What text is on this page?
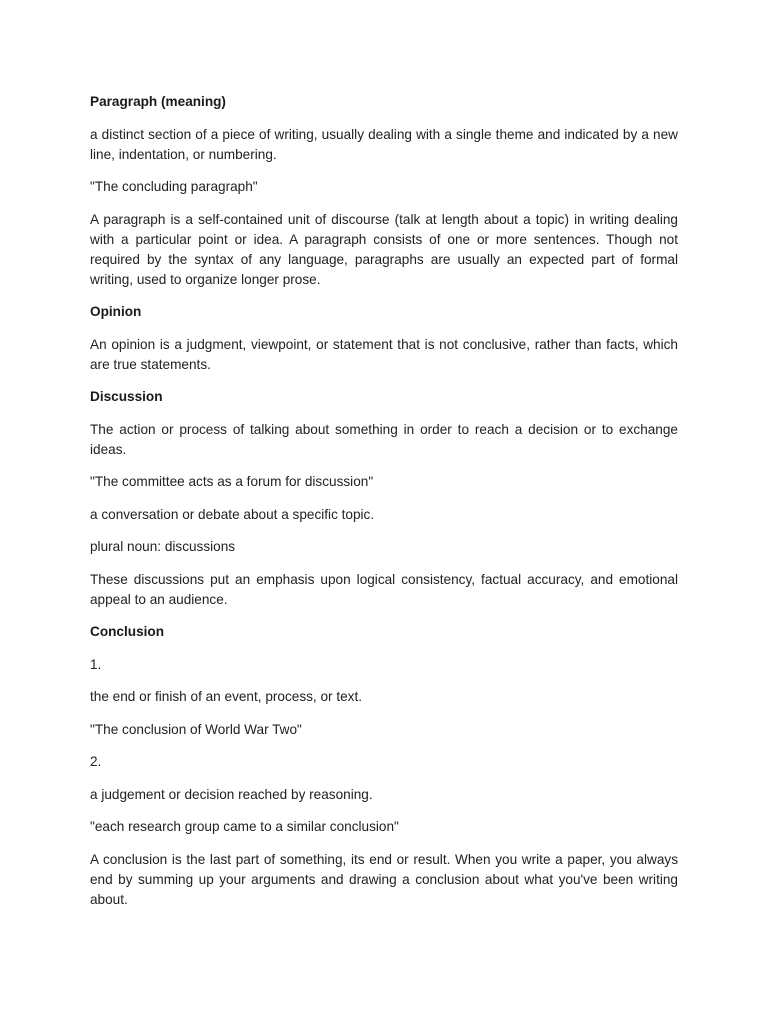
Paragraph (meaning)

a distinct section of a piece of writing, usually dealing with a single theme and indicated by a new line, indentation, or numbering.

"The concluding paragraph"

A paragraph is a self-contained unit of discourse (talk at length about a topic) in writing dealing with a particular point or idea. A paragraph consists of one or more sentences. Though not required by the syntax of any language, paragraphs are usually an expected part of formal writing, used to organize longer prose.

Opinion

An opinion is a judgment, viewpoint, or statement that is not conclusive, rather than facts, which are true statements.

Discussion

The action or process of talking about something in order to reach a decision or to exchange ideas.

"The committee acts as a forum for discussion"

a conversation or debate about a specific topic.

plural noun: discussions

These discussions put an emphasis upon logical consistency, factual accuracy, and emotional appeal to an audience.

Conclusion

1.

the end or finish of an event, process, or text.

"The conclusion of World War Two"

2.

a judgement or decision reached by reasoning.

"each research group came to a similar conclusion"

A conclusion is the last part of something, its end or result. When you write a paper, you always end by summing up your arguments and drawing a conclusion about what you've been writing about.
